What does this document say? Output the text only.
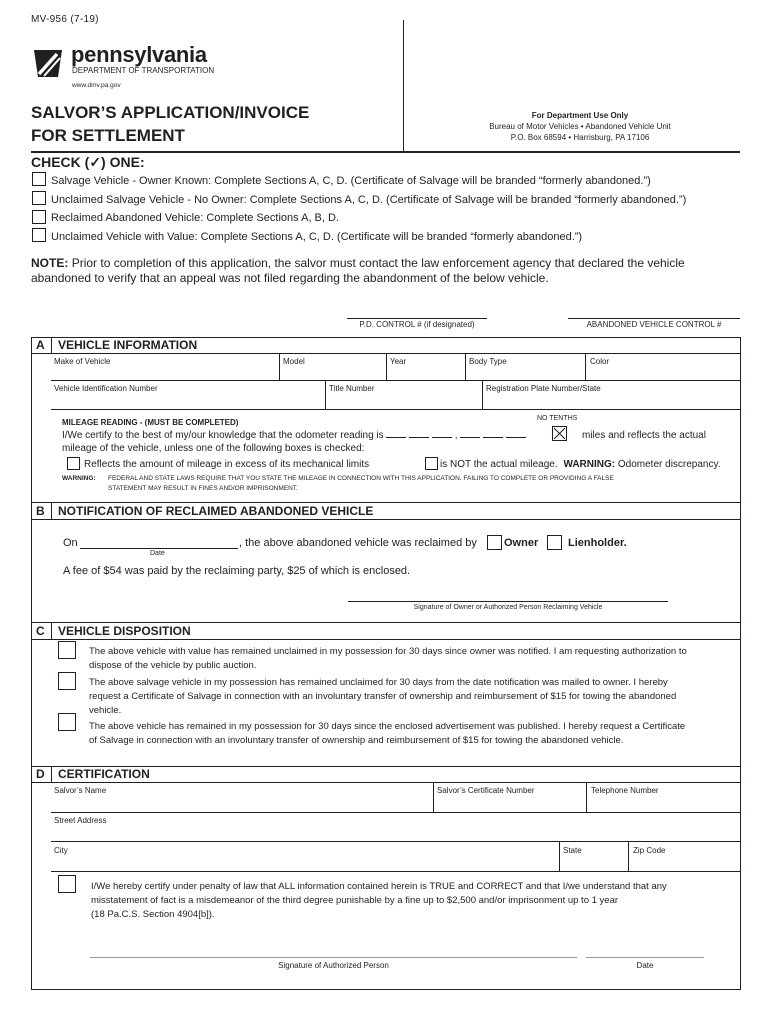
MV-956 (7-19)
pennsylvania
DEPARTMENT OF TRANSPORTATION
www.dmv.pa.gov
SALVOR’S APPLICATION/INVOICE
FOR SETTLEMENT
For Department Use Only
Bureau of Motor Vehicles • Abandoned Vehicle Unit
P.O. Box 68594 • Harrisburg, PA 17106
CHECK (✓) ONE:
Salvage Vehicle - Owner Known: Complete Sections A, C, D. (Certificate of Salvage will be branded “formerly abandoned.”)
Unclaimed Salvage Vehicle - No Owner: Complete Sections A, C, D. (Certificate of Salvage will be branded “formerly abandoned.”)
Reclaimed Abandoned Vehicle: Complete Sections A, B, D.
Unclaimed Vehicle with Value: Complete Sections A, C, D. (Certificate will be branded “formerly abandoned.”)
NOTE: Prior to completion of this application, the salvor must contact the law enforcement agency that declared the vehicle abandoned to verify that an appeal was not filed regarding the abandonment of the below vehicle.
P.D. CONTROL # (if designated)	ABANDONED VEHICLE CONTROL #
A VEHICLE INFORMATION
Make of Vehicle	Model	Year	Body Type	Color
Vehicle Identification Number	Title Number	Registration Plate Number/State
MILEAGE READING - (MUST BE COMPLETED)	NO TENTHS
I/We certify to the best of my/our knowledge that the odometer reading is	,	miles and reflects the actual
mileage of the vehicle, unless one of the following boxes is checked:
Reflects the amount of mileage in excess of its mechanical limits	is NOT the actual mileage. WARNING: Odometer discrepancy.
WARNING: FEDERAL AND STATE LAWS REQUIRE THAT YOU STATE THE MILEAGE IN CONNECTION WITH THIS APPLICATION. FAILING TO COMPLETE OR PROVIDING A FALSE
STATEMENT MAY RESULT IN FINES AND/OR IMPRISONMENT.
B NOTIFICATION OF RECLAIMED ABANDONED VEHICLE
On	, the above abandoned vehicle was reclaimed by Owner	Lienholder.
Date
A fee of $54 was paid by the reclaiming party, $25 of which is enclosed.
Signature of Owner or Authorized Person Reclaiming Vehicle
C VEHICLE DISPOSITION
The above vehicle with value has remained unclaimed in my possession for 30 days since owner was notified. I am requesting authorization to
dispose of the vehicle by public auction.
The above salvage vehicle in my possession has remained unclaimed for 30 days from the date notification was mailed to owner. I hereby
request a Certificate of Salvage in connection with an involuntary transfer of ownership and reimbursement of $15 for towing the abandoned
vehicle.
The above vehicle has remained in my possession for 30 days since the enclosed advertisement was published. I hereby request a Certificate
of Salvage in connection with an involuntary transfer of ownership and reimbursement of $15 for towing the abandoned vehicle.
D CERTIFICATION
Salvor’s Name	Salvor’s Certificate Number	Telephone Number
Street Address
City	State	Zip Code
I/We hereby certify under penalty of law that ALL information contained herein is TRUE and CORRECT and that I/we understand that any
misstatement of fact is a misdemeanor of the third degree punishable by a fine up to $2,500 and/or imprisonment up to 1 year
(18 Pa.C.S. Section 4904[b]).
Signature of Authorized Person	Date
